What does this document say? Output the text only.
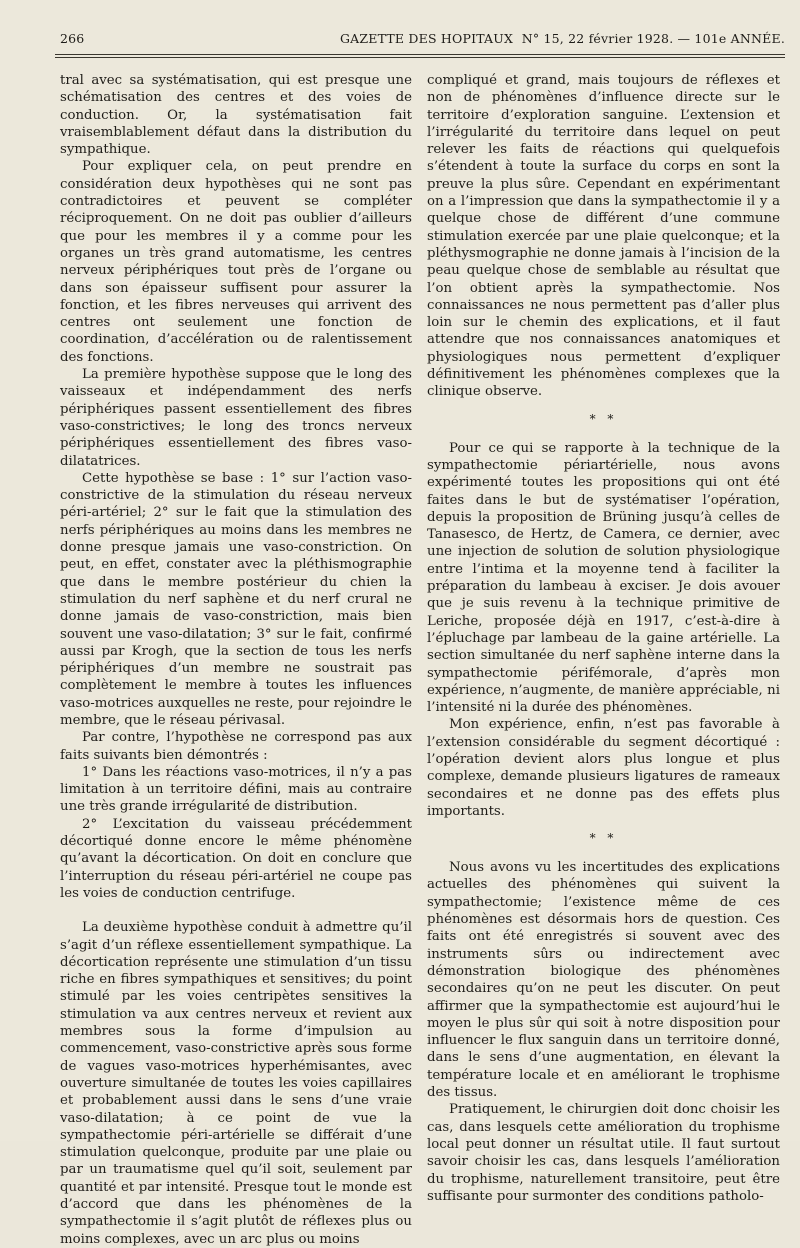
266	GAZETTE DES HOPITAUX N° 15, 22 février 1928. — 101e ANNÉE.

tral avec sa systématisation, qui est presque une schématisation des centres et des voies de conduction. Or, la systématisation fait vraisemblablement défaut dans la distribution du sympathique.

Pour expliquer cela, on peut prendre en considération deux hypothèses qui ne sont pas contradictoires et peuvent se compléter réciproquement. On ne doit pas oublier d’ailleurs que pour les membres il y a comme pour les organes un très grand automatisme, les centres nerveux périphériques tout près de l’organe ou dans son épaisseur suffisent pour assurer la fonction, et les fibres nerveuses qui arrivent des centres ont seulement une fonction de coordination, d’accélération ou de ralentissement des fonctions.

La première hypothèse suppose que le long des vaisseaux et indépendamment des nerfs périphériques passent essentiellement des fibres vaso-constrictives; le long des troncs nerveux périphériques essentiellement des fibres vaso-dilatatrices.

Cette hypothèse se base : 1° sur l’action vaso-constrictive de la stimulation du réseau nerveux péri-artériel; 2° sur le fait que la stimulation des nerfs périphériques au moins dans les membres ne donne presque jamais une vaso-constriction. On peut, en effet, constater avec la pléthismographie que dans le membre postérieur du chien la stimulation du nerf saphène et du nerf crural ne donne jamais de vaso-constriction, mais bien souvent une vaso-dilatation; 3° sur le fait, confirmé aussi par Krogh, que la section de tous les nerfs périphériques d’un membre ne soustrait pas complètement le membre à toutes les influences vaso-motrices auxquelles ne reste, pour rejoindre le membre, que le réseau périvasal.

Par contre, l’hypothèse ne correspond pas aux faits suivants bien démontrés :

1° Dans les réactions vaso-motrices, il n’y a pas limitation à un territoire défini, mais au contraire une très grande irrégularité de distribution.

2° L’excitation du vaisseau précédemment décortiqué donne encore le même phénomène qu’avant la décortication. On doit en conclure que l’interruption du réseau péri-artériel ne coupe pas les voies de conduction centrifuge.

La deuxième hypothèse conduit à admettre qu’il s’agit d’un réflexe essentiellement sympathique. La décortication représente une stimulation d’un tissu riche en fibres sympathiques et sensitives; du point stimulé par les voies centripètes sensitives la stimulation va aux centres nerveux et revient aux membres sous la forme d’impulsion au commencement, vaso-constrictive après sous forme de vagues vaso-motrices hyperhémisantes, avec ouverture simultanée de toutes les voies capillaires et probablement aussi dans le sens d’une vraie vaso-dilatation; à ce point de vue la sympathectomie péri-artérielle se différait d’une stimulation quelconque, produite par une plaie ou par un traumatisme quel qu’il soit, seulement par quantité et par intensité. Presque tout le monde est d’accord que dans les phénomènes de la sympathectomie il s’agit plutôt de réflexes plus ou moins complexes, avec un arc plus ou moins

compliqué et grand, mais toujours de réflexes et non de phénomènes d’influence directe sur le territoire d’exploration sanguine. L’extension et l’irrégularité du territoire dans lequel on peut relever les faits de réactions qui quelquefois s’étendent à toute la surface du corps en sont la preuve la plus sûre. Cependant en expérimentant on a l’impression que dans la sympathectomie il y a quelque chose de différent d’une commune stimulation exercée par une plaie quelconque; et la pléthysmographie ne donne jamais à l’incision de la peau quelque chose de semblable au résultat que l’on obtient après la sympathectomie. Nos connaissances ne nous permettent pas d’aller plus loin sur le chemin des explications, et il faut attendre que nos connaissances anatomiques et physiologiques nous permettent d’expliquer définitivement les phénomènes complexes que la clinique observe.

* *

Pour ce qui se rapporte à la technique de la sympathectomie périartérielle, nous avons expérimenté toutes les propositions qui ont été faites dans le but de systématiser l’opération, depuis la proposition de Brüning jusqu’à celles de Tanasesco, de Hertz, de Camera, ce dernier, avec une injection de solution de solution physiologique entre l’intima et la moyenne tend à faciliter la préparation du lambeau à exciser. Je dois avouer que je suis revenu à la technique primitive de Leriche, proposée déjà en 1917, c’est-à-dire à l’épluchage par lambeau de la gaine artérielle. La section simultanée du nerf saphène interne dans la sympathectomie périfémorale, d’après mon expérience, n’augmente, de manière appréciable, ni l’intensité ni la durée des phénomènes.

Mon expérience, enfin, n’est pas favorable à l’extension considérable du segment décortiqué : l’opération devient alors plus longue et plus complexe, demande plusieurs ligatures de rameaux secondaires et ne donne pas des effets plus importants.

* *

Nous avons vu les incertitudes des explications actuelles des phénomènes qui suivent la sympathectomie; l’existence même de ces phénomènes est désormais hors de question. Ces faits ont été enregistrés si souvent avec des instruments sûrs ou indirectement avec démonstration biologique des phénomènes secondaires qu’on ne peut les discuter. On peut affirmer que la sympathectomie est aujourd’hui le moyen le plus sûr qui soit à notre disposition pour influencer le flux sanguin dans un territoire donné, dans le sens d’une augmentation, en élevant la température locale et en améliorant le trophisme des tissus.

Pratiquement, le chirurgien doit donc choisir les cas, dans lesquels cette amélioration du trophisme local peut donner un résultat utile. Il faut surtout savoir choisir les cas, dans lesquels l’amélioration du trophisme, naturellement transitoire, peut être suffisante pour surmonter des conditions patholo-
